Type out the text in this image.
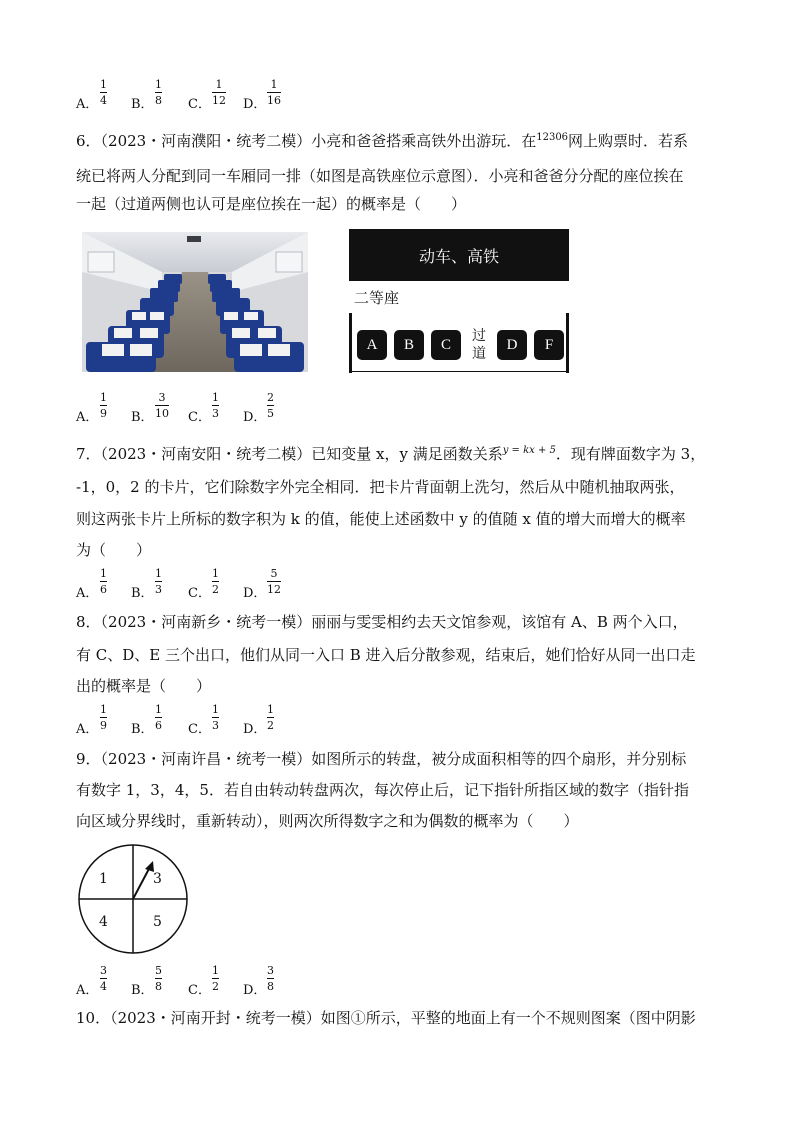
A．
1
4 B．
1
8 C．
1
12 D．
1
16
6．（2023・河南濮阳・统考二模）小亮和爸爸搭乘高铁外出游玩．在$^{12306}$网上购票时．若系
统已将两人分配到同一车厢同一排（如图是高铁座位示意图）．小亮和爸爸分分配的座位挨在
一起（过道两侧也认可是座位挨在一起）的概率是（　　）
动车、高铁
二等座
A	B	C
过
道
D	F
A．
1
9 B．
3
10 C．
1
3 D．
2
5
7．（2023・河南安阳・统考二模）已知变量 x，y 满足函数关系$^{y = kx + 5}$．现有牌面数字为 3，
-1，0，2 的卡片，它们除数字外完全相同．把卡片背面朝上洗匀，然后从中随机抽取两张，
则这两张卡片上所标的数字积为 k 的值，能使上述函数中 y 的值随 x 值的增大而增大的概率
为（　　）
A．
1
6 B．
1
3 C．
1
2 D．
5
12
8．（2023・河南新乡・统考一模）丽丽与雯雯相约去天文馆参观，该馆有 A、B 两个入口，
有 C、D、E 三个出口，他们从同一入口 B 进入后分散参观，结束后，她们恰好从同一出口走
出的概率是（　　）
A．
1
9 B．
1
6 C．
1
3 D．
1
2
9．（2023・河南许昌・统考一模）如图所示的转盘，被分成面积相等的四个扇形，并分别标
有数字 1，3，4，5．若自由转动转盘两次，每次停止后，记下指针所指区域的数字（指针指
向区域分界线时，重新转动），则两次所得数字之和为偶数的概率为（　　）
1	3
4	5
A．
3
4 B．
5
8 C．
1
2 D．
3
8
10．（2023・河南开封・统考一模）如图①所示，平整的地面上有一个不规则图案（图中阴影
